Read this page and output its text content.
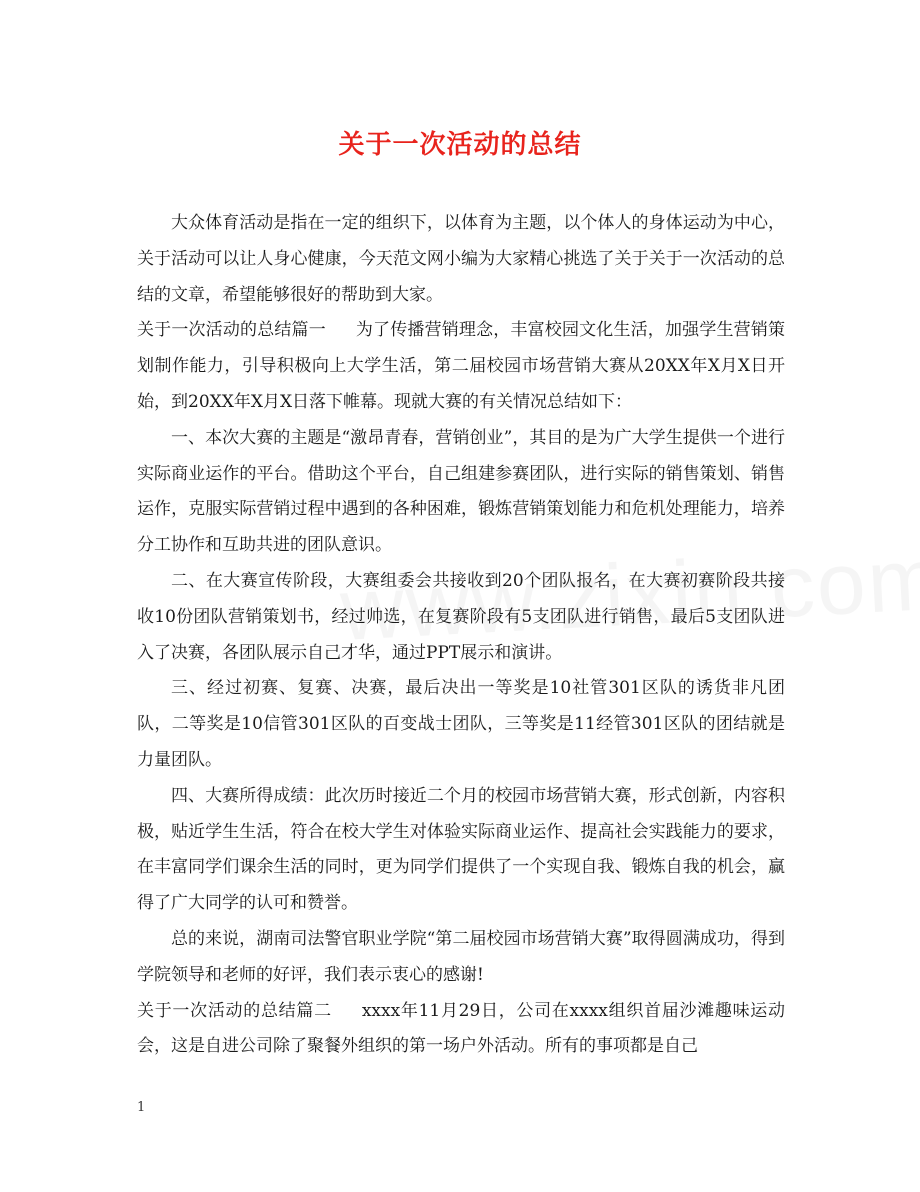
关于一次活动的总结

大众体育活动是指在一定的组织下，以体育为主题，以个体人的身体运动为中心，关于活动可以让人身心健康，今天范文网小编为大家精心挑选了关于关于一次活动的总结的文章，希望能够很好的帮助到大家。

关于一次活动的总结篇一 为了传播营销理念，丰富校园文化生活，加强学生营销策划制作能力，引导积极向上大学生活，第二届校园市场营销大赛从20XX年X月X日开始，到20XX年X月X日落下帷幕。现就大赛的有关情况总结如下：

一、本次大赛的主题是“激昂青春，营销创业”，其目的是为广大学生提供一个进行实际商业运作的平台。借助这个平台，自己组建参赛团队，进行实际的销售策划、销售运作，克服实际营销过程中遇到的各种困难，锻炼营销策划能力和危机处理能力，培养分工协作和互助共进的团队意识。

二、在大赛宣传阶段，大赛组委会共接收到20个团队报名，在大赛初赛阶段共接收10份团队营销策划书，经过帅选，在复赛阶段有5支团队进行销售，最后5支团队进入了决赛，各团队展示自己才华，通过PPT展示和演讲。

三、经过初赛、复赛、决赛，最后决出一等奖是10社管301区队的诱货非凡团队，二等奖是10信管301区队的百变战士团队，三等奖是11经管301区队的团结就是力量团队。

四、大赛所得成绩：此次历时接近二个月的校园市场营销大赛，形式创新，内容积极，贴近学生生活，符合在校大学生对体验实际商业运作、提高社会实践能力的要求，在丰富同学们课余生活的同时，更为同学们提供了一个实现自我、锻炼自我的机会，赢得了广大同学的认可和赞誉。

总的来说，湖南司法警官职业学院“第二届校园市场营销大赛”取得圆满成功，得到学院领导和老师的好评，我们表示衷心的感谢!

关于一次活动的总结篇二 xxxx年11月29日，公司在xxxx组织首届沙滩趣味运动会，这是自进公司除了聚餐外组织的第一场户外活动。所有的事项都是自己

1
